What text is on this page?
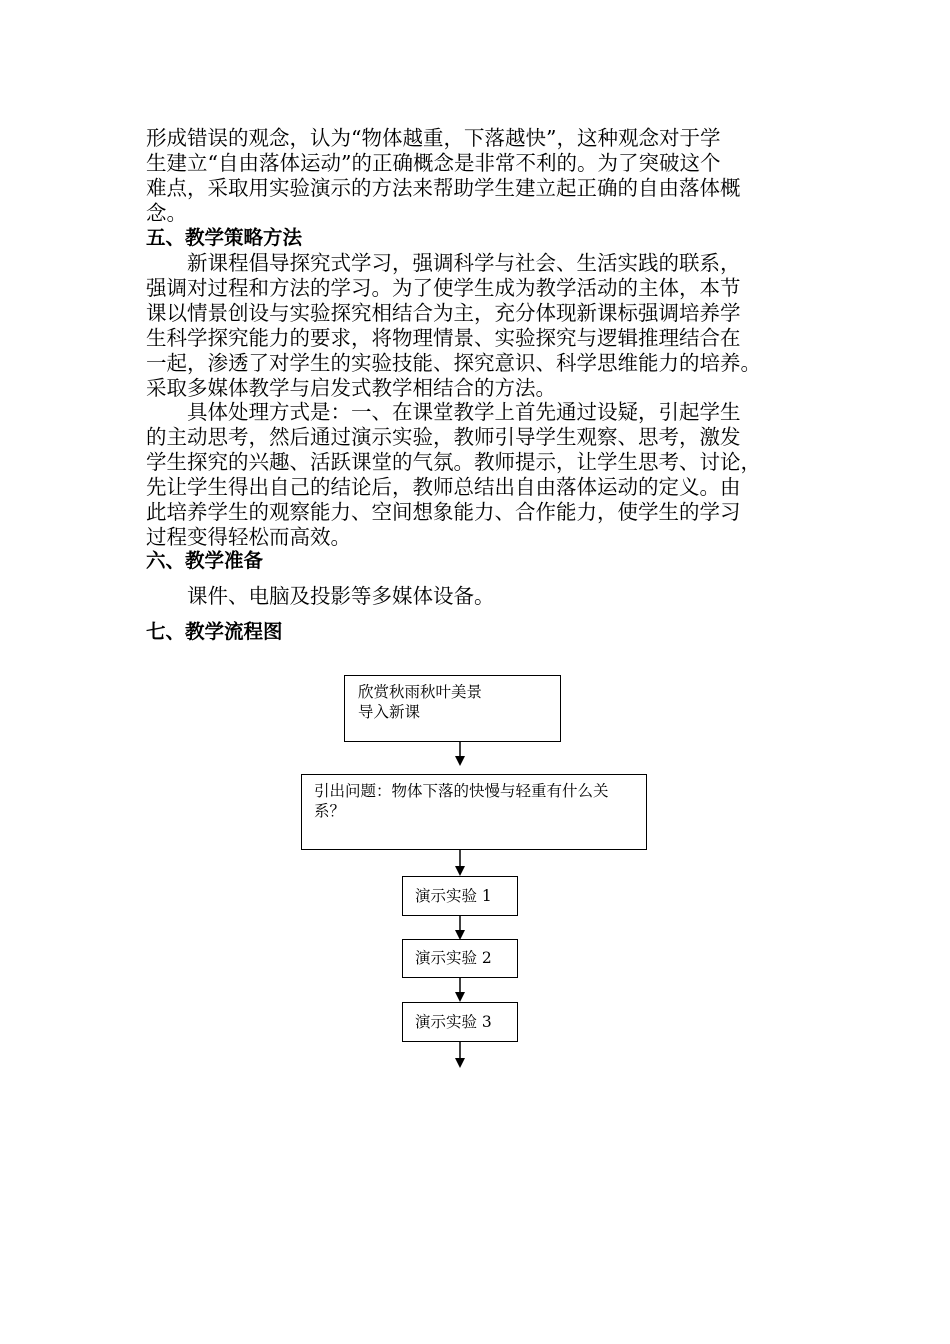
形成错误的观念，认为“物体越重，下落越快”，这种观念对于学
生建立“自由落体运动”的正确概念是非常不利的。为了突破这个
难点，采取用实验演示的方法来帮助学生建立起正确的自由落体概
念。
五、教学策略方法
新课程倡导探究式学习，强调科学与社会、生活实践的联系，
强调对过程和方法的学习。为了使学生成为教学活动的主体，本节
课以情景创设与实验探究相结合为主，充分体现新课标强调培养学
生科学探究能力的要求，将物理情景、实验探究与逻辑推理结合在
一起，渗透了对学生的实验技能、探究意识、科学思维能力的培养。
采取多媒体教学与启发式教学相结合的方法。
具体处理方式是：一、在课堂教学上首先通过设疑，引起学生
的主动思考，然后通过演示实验，教师引导学生观察、思考，激发
学生探究的兴趣、活跃课堂的气氛。教师提示，让学生思考、讨论，
先让学生得出自己的结论后，教师总结出自由落体运动的定义。由
此培养学生的观察能力、空间想象能力、合作能力，使学生的学习
过程变得轻松而高效。
六、教学准备
课件、电脑及投影等多媒体设备。
七、教学流程图
欣赏秋雨秋叶美景
导入新课
引出问题：物体下落的快慢与轻重有什么关
系？
演示实验 1
演示实验 2
演示实验 3
